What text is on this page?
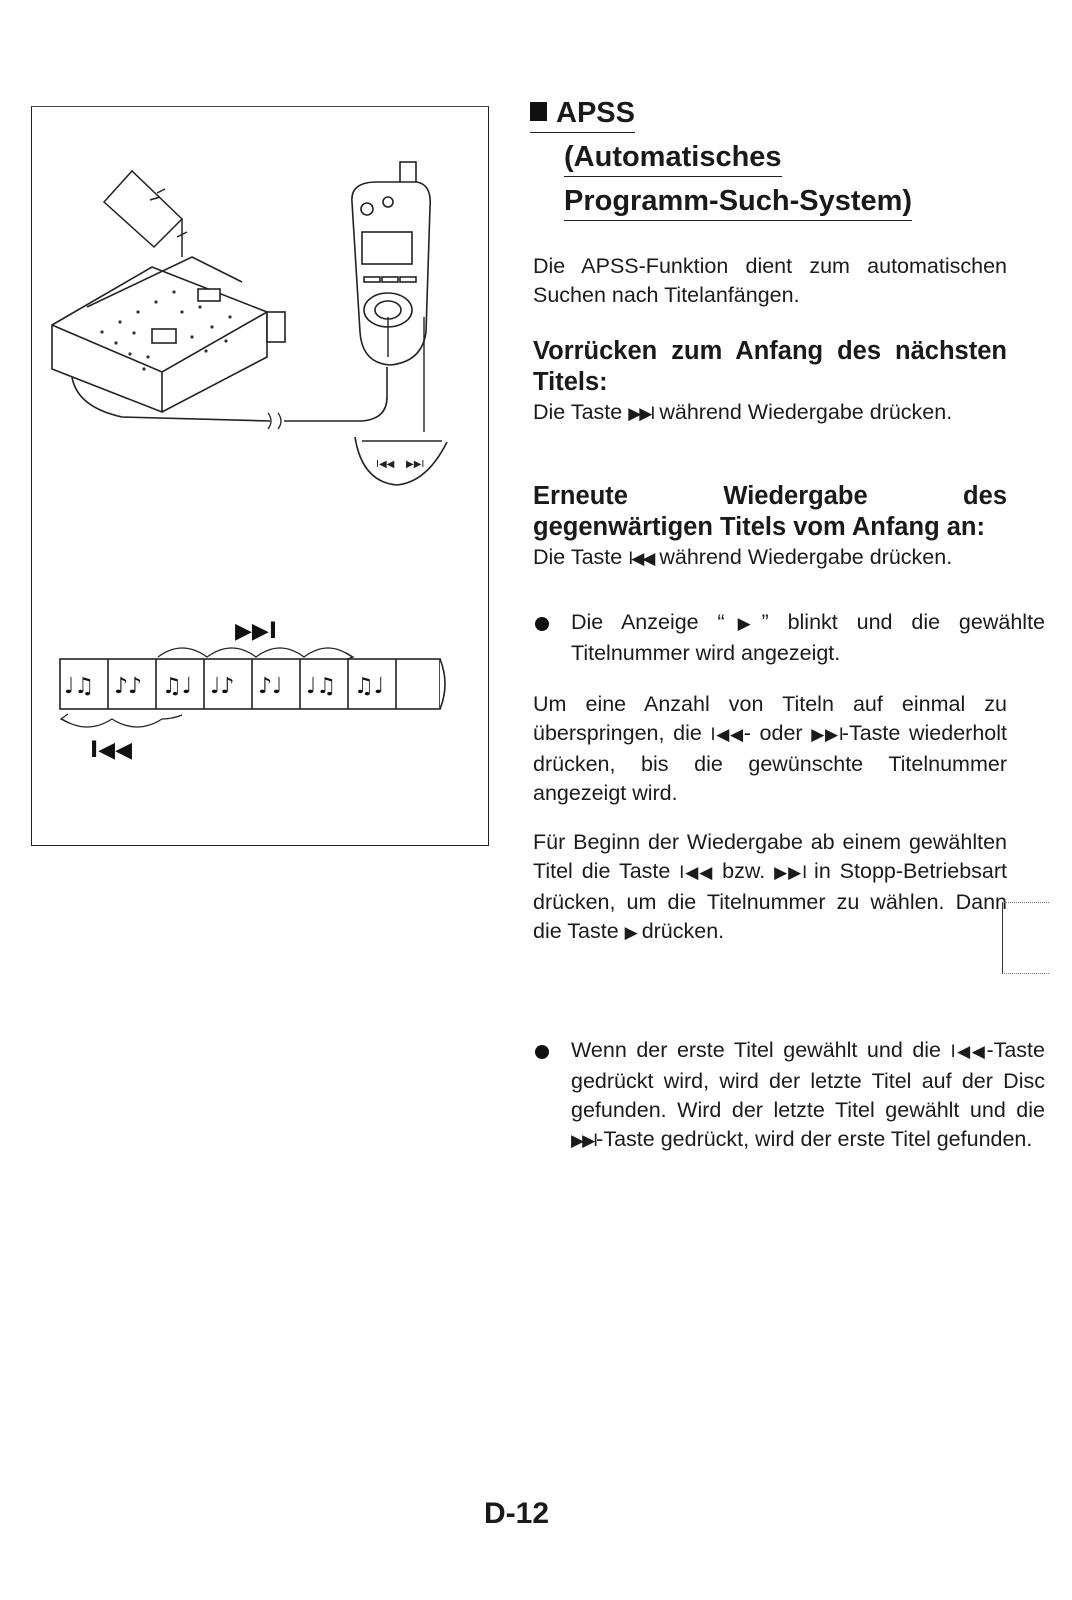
I◀◀ ▶▶I
▶▶I
♩♫ ♪♪ ♫♩ ♩♪ ♪♩ ♩♫ ♫♩
I◀◀
APSS
(Automatisches
Programm-Such-System)

Die APSS-Funktion dient zum automatischen Suchen nach Titelanfängen.

Vorrücken zum Anfang des nächsten Titels:

Die Taste ▶▶I während Wiedergabe drücken.

Erneute Wiedergabe des gegenwärtigen Titels vom Anfang an:

Die Taste I◀◀ während Wiedergabe drücken.

Die Anzeige “▶” blinkt und die gewählte Titelnummer wird angezeigt.

Um eine Anzahl von Titeln auf einmal zu überspringen, die I◀◀- oder ▶▶I-Taste wiederholt drücken, bis die gewünschte Titelnummer angezeigt wird.

Für Beginn der Wiedergabe ab einem gewählten Titel die Taste I◀◀ bzw. ▶▶I in Stopp-Betriebsart drücken, um die Titelnummer zu wählen. Dann die Taste ▶ drücken.

Wenn der erste Titel gewählt und die I◀◀-Taste gedrückt wird, wird der letzte Titel auf der Disc gefunden. Wird der letzte Titel gewählt und die ▶▶I-Taste gedrückt, wird der erste Titel gefunden.

D-12
